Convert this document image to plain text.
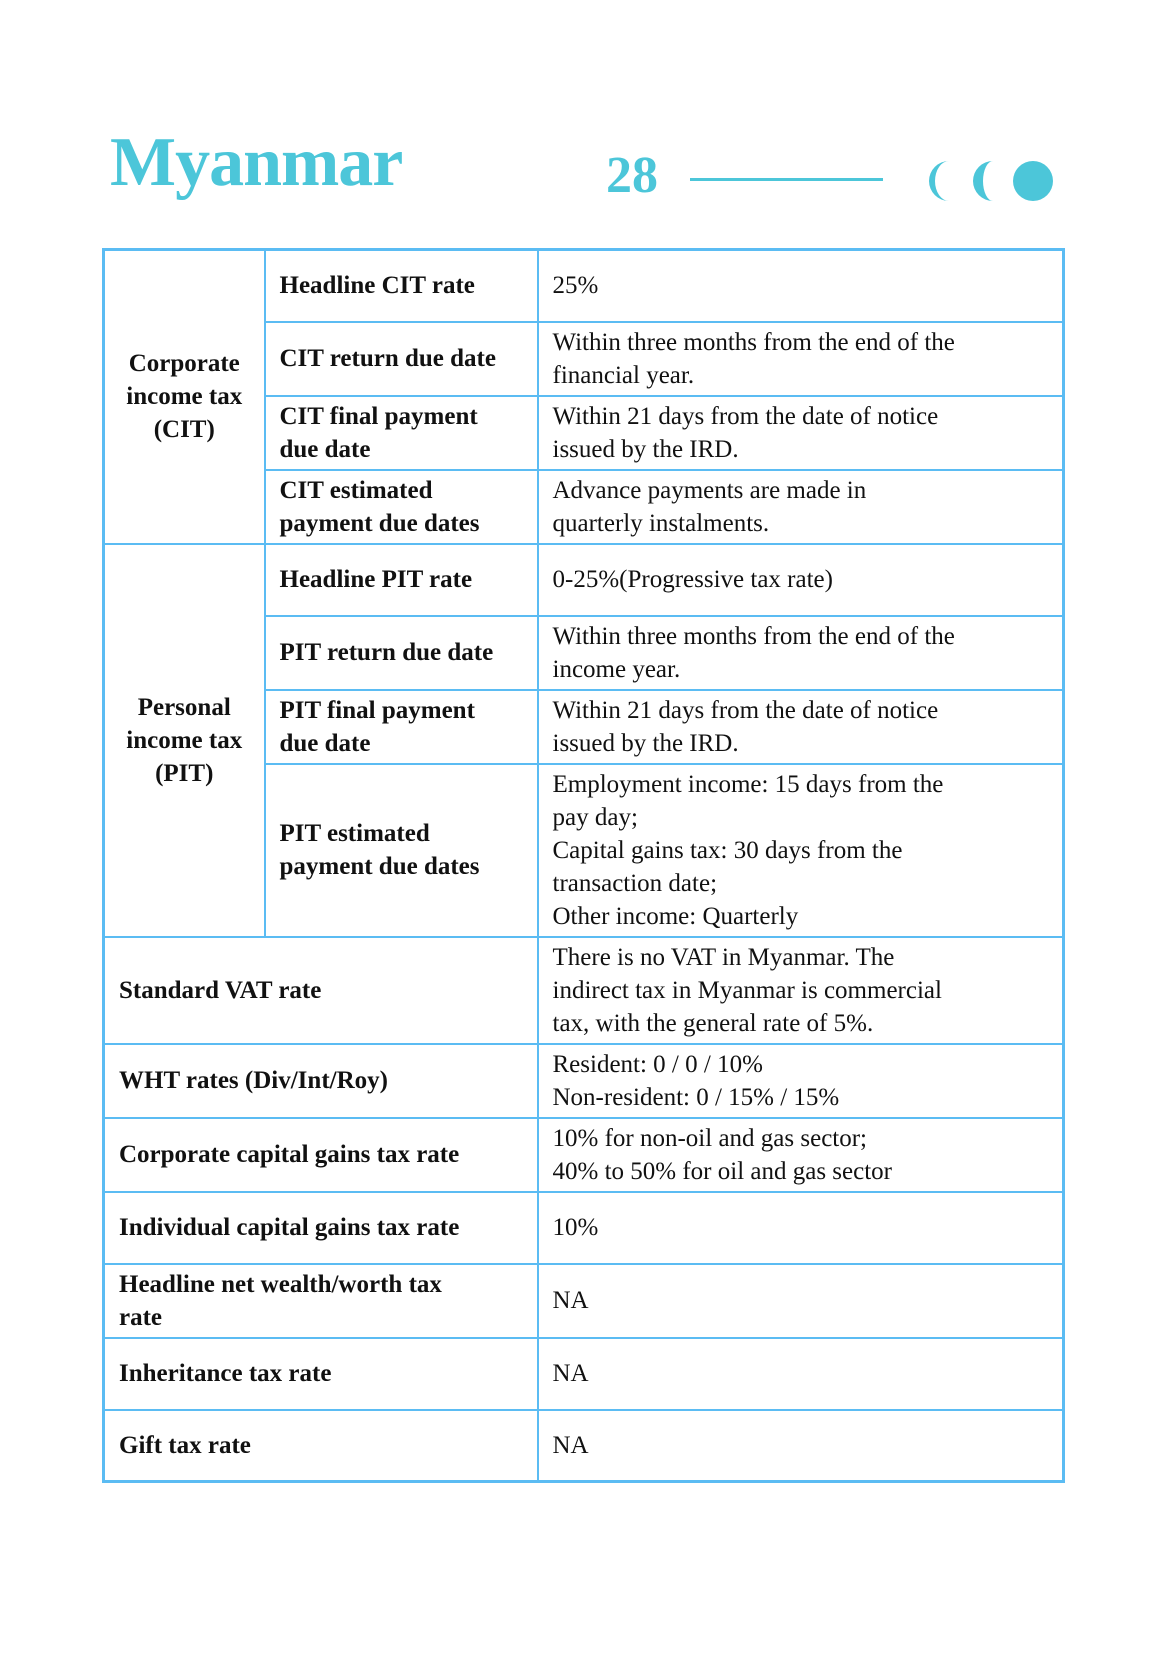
Myanmar	28
Corporate
income tax
(CIT)	Headline CIT rate	25%

	CIT return due date	Within three months from the end of the
financial year.

	CIT final payment
due date	Within 21 days from the date of notice
issued by the IRD.

	CIT estimated
payment due dates	Advance payments are made in
quarterly instalments.

Personal
income tax
(PIT)	Headline PIT rate	0-25%(Progressive tax rate)

	PIT return due date	Within three months from the end of the
income year.

	PIT final payment
due date	Within 21 days from the date of notice
issued by the IRD.

	PIT estimated
payment due dates	Employment income: 15 days from the
pay day;
Capital gains tax: 30 days from the
transaction date;
Other income: Quarterly

Standard VAT rate		There is no VAT in Myanmar. The
indirect tax in Myanmar is commercial
tax, with the general rate of 5%.

WHT rates (Div/Int/Roy)		Resident: 0 / 0 / 10%
Non-resident: 0 / 15% / 15%

Corporate capital gains tax rate		10% for non-oil and gas sector;
40% to 50% for oil and gas sector

Individual capital gains tax rate		10%

Headline net wealth/worth tax
rate		NA

Inheritance tax rate		NA

Gift tax rate		NA
